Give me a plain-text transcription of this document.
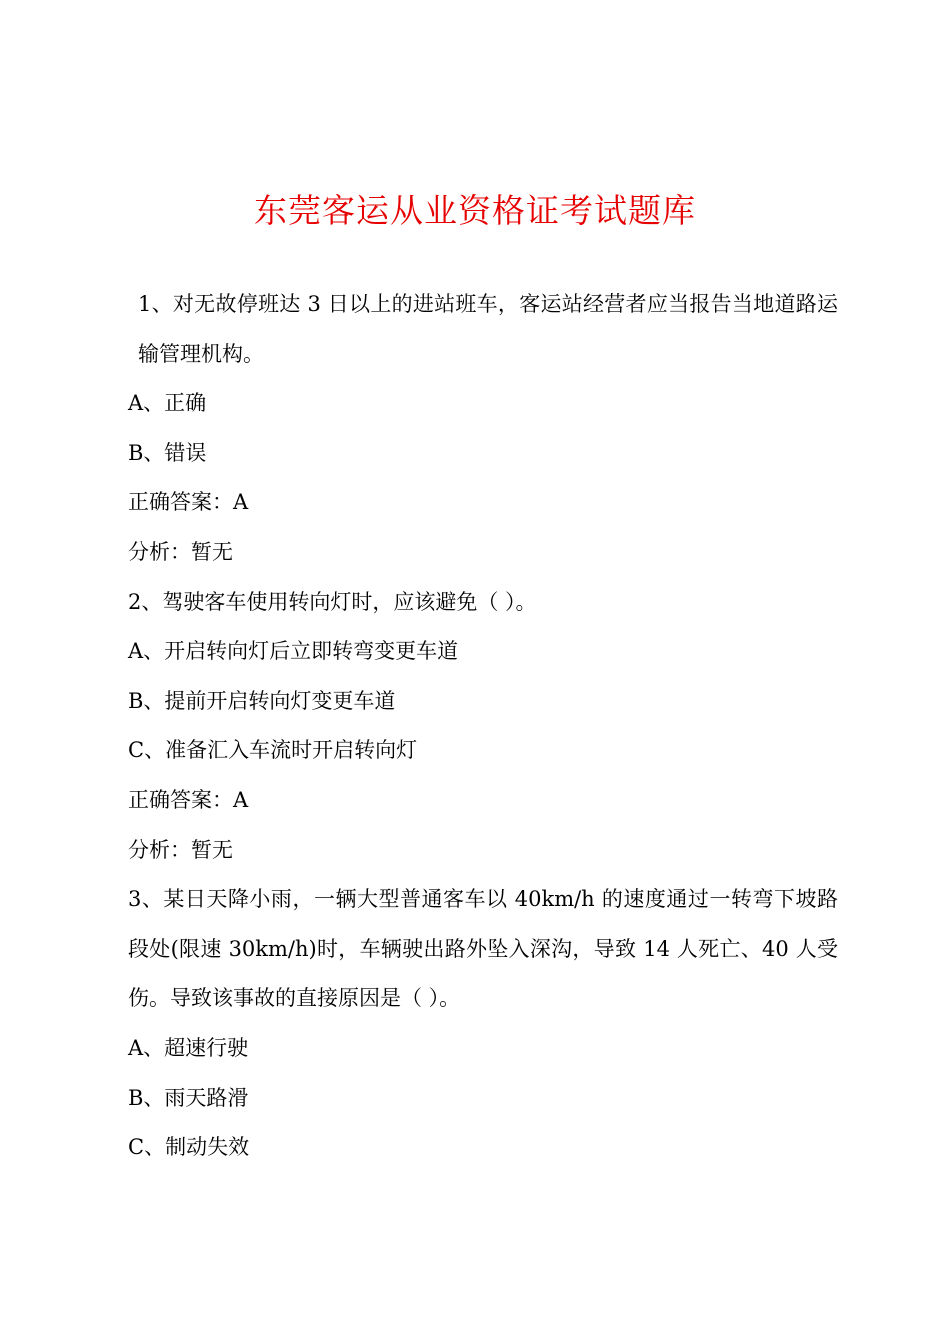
东莞客运从业资格证考试题库

1、对无故停班达 3 日以上的进站班车，客运站经营者应当报告当地道路运输管理机构。

A、正确

B、错误

正确答案：A

分析：暂无

2、驾驶客车使用转向灯时，应该避免（ ）。

A、开启转向灯后立即转弯变更车道

B、提前开启转向灯变更车道

C、准备汇入车流时开启转向灯

正确答案：A

分析：暂无

3、某日天降小雨，一辆大型普通客车以 40km/h 的速度通过一转弯下坡路段处(限速 30km/h)时，车辆驶出路外坠入深沟，导致 14 人死亡、40 人受伤。导致该事故的直接原因是（ ）。

A、超速行驶

B、雨天路滑

C、制动失效
